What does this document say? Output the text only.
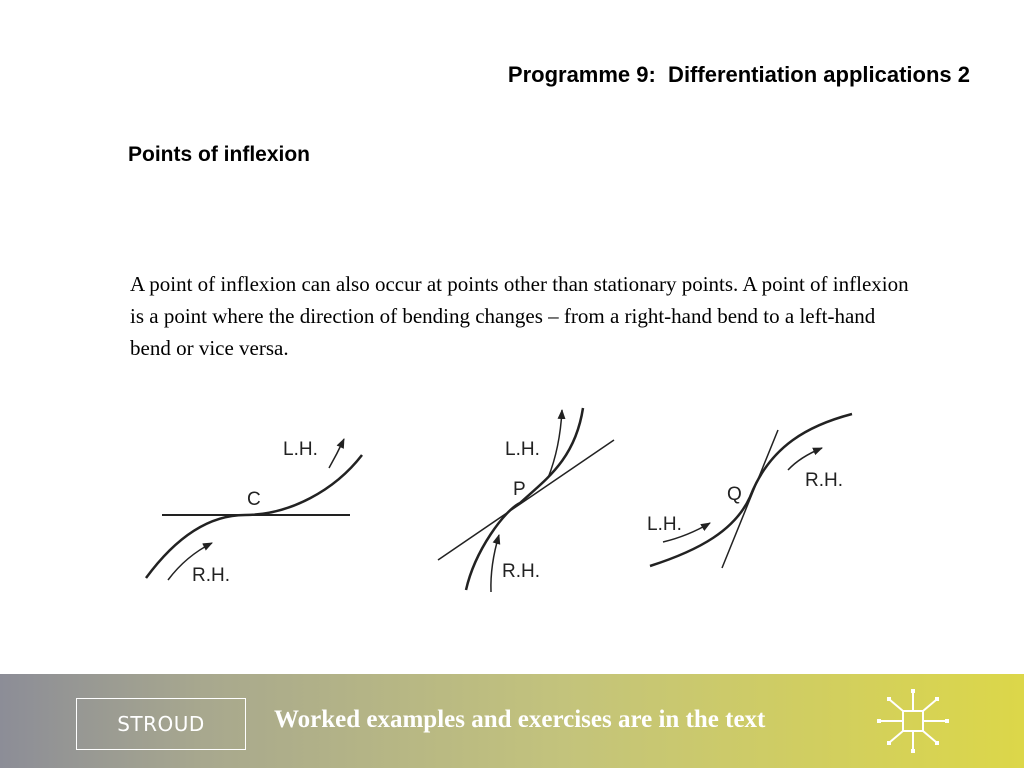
Programme 9:  Differentiation applications 2
Points of inflexion
A point of inflexion can also occur at points other than stationary points. A point of inflexion is a point where the direction of bending changes – from a right-hand bend to a left-hand bend or vice versa.
L.H.
C
R.H.
L.H.
P
R.H.
R.H.
Q
L.H.
STROUD	Worked examples and exercises are in the text
